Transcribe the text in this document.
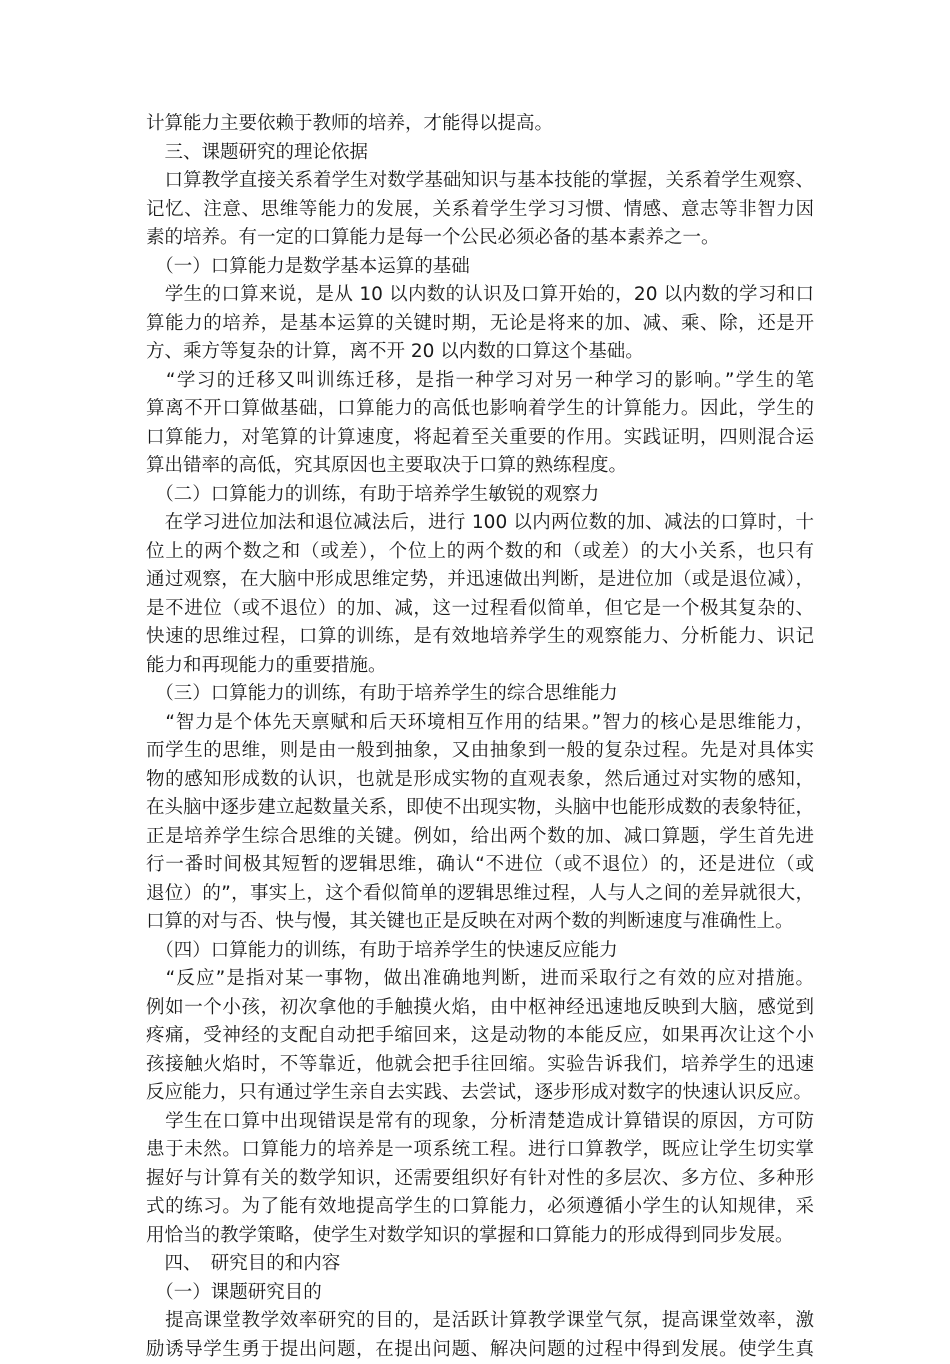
计算能力主要依赖于教师的培养，才能得以提高。
　三、课题研究的理论依据
　口算教学直接关系着学生对数学基础知识与基本技能的掌握，关系着学生观察、
记忆、注意、思维等能力的发展，关系着学生学习习惯、情感、意志等非智力因
素的培养。有一定的口算能力是每一个公民必须必备的基本素养之一。
　（一）口算能力是数学基本运算的基础
　学生的口算来说，是从 10 以内数的认识及口算开始的，20 以内数的学习和口
算能力的培养，是基本运算的关键时期，无论是将来的加、减、乘、除，还是开
方、乘方等复杂的计算，离不开 20 以内数的口算这个基础。
　“学习的迁移又叫训练迁移，是指一种学习对另一种学习的影响。”学生的笔
算离不开口算做基础，口算能力的高低也影响着学生的计算能力。因此，学生的
口算能力，对笔算的计算速度，将起着至关重要的作用。实践证明，四则混合运
算出错率的高低，究其原因也主要取决于口算的熟练程度。
　（二）口算能力的训练，有助于培养学生敏锐的观察力
　在学习进位加法和退位减法后，进行 100 以内两位数的加、减法的口算时，十
位上的两个数之和（或差），个位上的两个数的和（或差）的大小关系，也只有
通过观察，在大脑中形成思维定势，并迅速做出判断，是进位加（或是退位减），
是不进位（或不退位）的加、减，这一过程看似简单，但它是一个极其复杂的、
快速的思维过程，口算的训练，是有效地培养学生的观察能力、分析能力、识记
能力和再现能力的重要措施。
　（三）口算能力的训练，有助于培养学生的综合思维能力
　“智力是个体先天禀赋和后天环境相互作用的结果。”智力的核心是思维能力，
而学生的思维，则是由一般到抽象，又由抽象到一般的复杂过程。先是对具体实
物的感知形成数的认识，也就是形成实物的直观表象，然后通过对实物的感知，
在头脑中逐步建立起数量关系，即使不出现实物，头脑中也能形成数的表象特征，
正是培养学生综合思维的关键。例如，给出两个数的加、减口算题，学生首先进
行一番时间极其短暂的逻辑思维，确认“不进位（或不退位）的，还是进位（或
退位）的”，事实上，这个看似简单的逻辑思维过程，人与人之间的差异就很大，
口算的对与否、快与慢，其关键也正是反映在对两个数的判断速度与准确性上。
　（四）口算能力的训练，有助于培养学生的快速反应能力
　“反应”是指对某一事物，做出准确地判断，进而采取行之有效的应对措施。
例如一个小孩，初次拿他的手触摸火焰，由中枢神经迅速地反映到大脑，感觉到
疼痛，受神经的支配自动把手缩回来，这是动物的本能反应，如果再次让这个小
孩接触火焰时，不等靠近，他就会把手往回缩。实验告诉我们，培养学生的迅速
反应能力，只有通过学生亲自去实践、去尝试，逐步形成对数字的快速认识反应。
　学生在口算中出现错误是常有的现象，分析清楚造成计算错误的原因，方可防
患于未然。口算能力的培养是一项系统工程。进行口算教学，既应让学生切实掌
握好与计算有关的数学知识，还需要组织好有针对性的多层次、多方位、多种形
式的练习。为了能有效地提高学生的口算能力，必须遵循小学生的认知规律，采
用恰当的教学策略，使学生对数学知识的掌握和口算能力的形成得到同步发展。
　四、　研究目的和内容
　（一）课题研究目的
　提高课堂教学效率研究的目的，是活跃计算教学课堂气氛，提高课堂效率，激
励诱导学生勇于提出问题，在提出问题、解决问题的过程中得到发展。使学生真
